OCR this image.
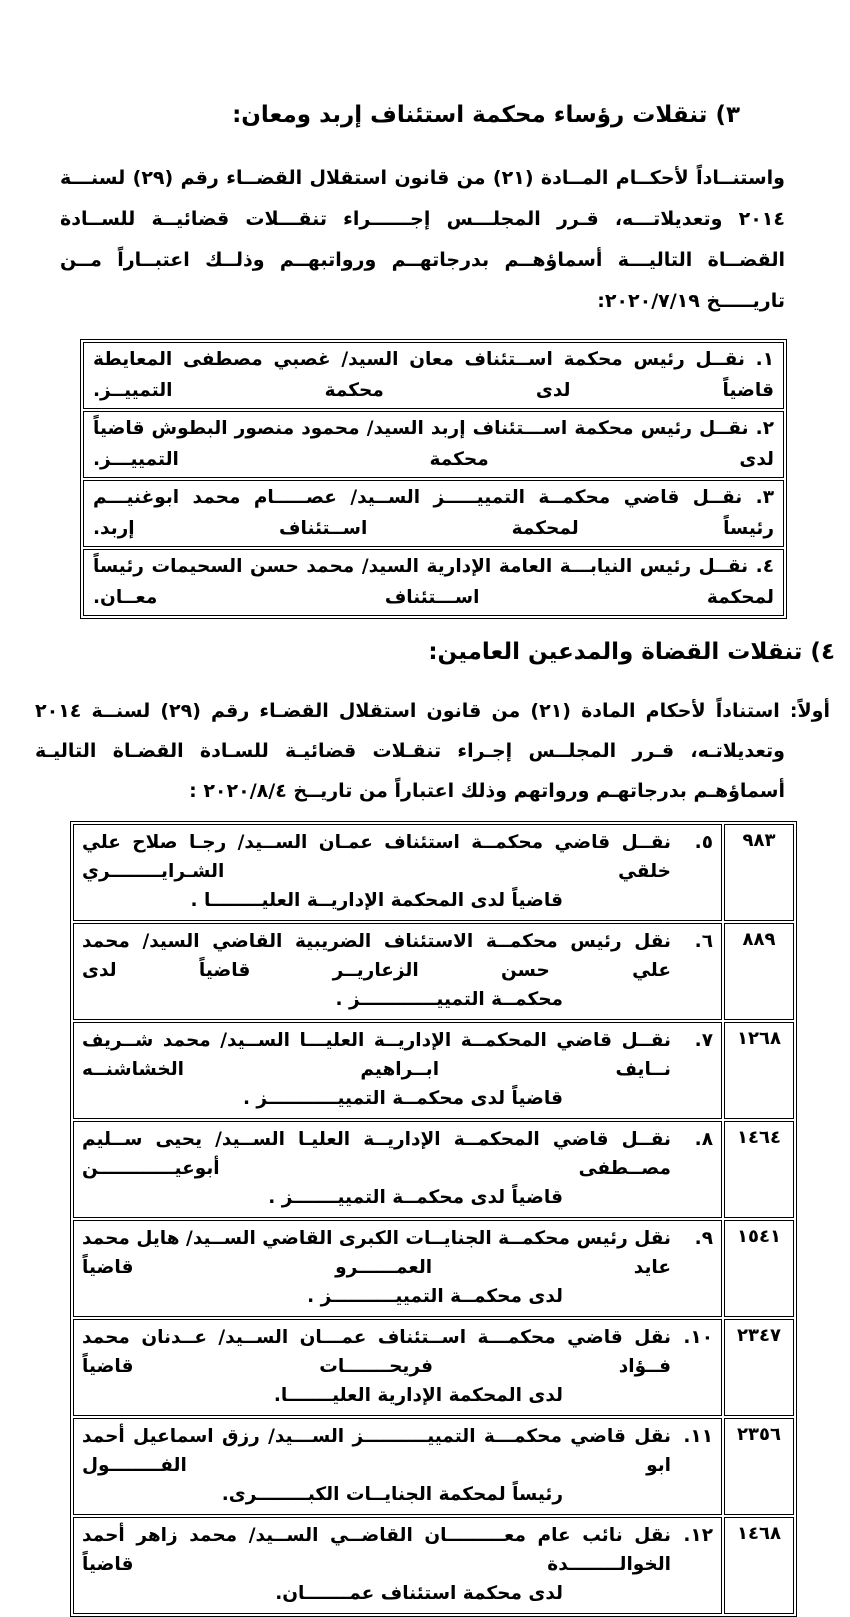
٣) تنقلات رؤساء محكمة استئناف إربد ومعان:
واستنــاداً لأحكــام المــادة (٢١) من قانون استقلال القضــاء رقم (٢٩) لسنـــة ٢٠١٤ وتعديلاتـــه، قـرر المجلـــس إجــــــراء تنقـــلات قضائيــة للســادة القضــاة التاليـــة أسماؤهــم بدرجاتهــم ورواتبهــم وذلــك اعتبــاراً مــن تاريـــــخ ٢٠٢٠/٧/١٩:
١. نقــل رئيس محكمة اســتئناف معان السيد/ غصبي مصطفى المعايطة قاضياً لدى محكمة التمييــز.
٢. نقــل رئيس محكمة اســـتئناف إربد السيد/ محمود منصور البطوش قاضياً لدى محكمة التمييـــز.
٣. نقــل قاضي محكمــة التمييـــــز الســيد/ عصـــــام محمد ابوغنيـــم رئيساً لمحكمة اســتئناف إربد.
٤. نقــل رئيس النيابـــة العامة الإدارية السيد/ محمد حسن السحيمات رئيساً لمحكمة اســـتئناف معــان.
٤) تنقلات القضاة والمدعين العامين:
أولاً: استناداً لأحكام المادة (٢١) من قانون استقلال القضـاء رقم (٢٩) لسنــة ٢٠١٤ وتعديلاتـه، قـرر المجلــس إجـراء تنقـلات قضائيـة للسـادة القضـاة التاليـة أسماؤهـم بدرجاتهـم ورواتهم وذلك اعتباراً من تاريــخ ٢٠٢٠/٨/٤ :
٩٨٣	٥.
نقــل قاضي محكمــة استئناف عمـان الســيد/ رجـا صلاح علي خلقي الشـرايــــــــري
قاضياً لدى المحكمة الإداريــة العليــــــــا .

٨٨٩	٦.
نقل رئيس محكمــة الاستئناف الضريبية القاضي السيد/ محمد علي حسن الزعاريــر قاضياً لدى
محكمــة التمييــــــــــــز .

١٢٦٨	٧.
نقــل قاضي المحكمــة الإداريــة العليـــا الســيد/ محمد شــريف نــايف ابــراهيم الخشاشنــه
قاضياً لدى محكمــة التمييـــــــــــز .

١٤٦٤	٨.
نقــل قاضي المحكمــة الإداريــة العليـا الســيد/ يحيى ســليم مصــطفى أبوعيــــــــــــن
قاضياً لدى محكمــة التمييـــــــز .

١٥٤١	٩.
نقل رئيس محكمــة الجنايــات الكبرى القاضي الســيد/ هايل محمد عايد العمــــــرو قاضياً
لدى محكمــة التمييــــــــــز .

٢٣٤٧	١٠.
نقل قاضي محكمـــة اســتئناف عمـــان الســيد/ عــدنان محمد فــؤاد فريحـــــــات قاضياً
لدى المحكمة الإدارية العليـــــــا.

٢٣٥٦	١١.
نقل قاضي محكمـــة التمييــــــــــز الســـيد/ رزق اسماعيل أحمد ابو الفــــــــول
رئيساً لمحكمة الجنايــات الكبــــــــرى.

١٤٦٨	١٢.
نقل نائب عام معـــــــــان القاضــي الســيد/ محمد زاهر أحمد الخوالــــــــدة قاضياً
لدى محكمة استئناف عمـــــــان.
